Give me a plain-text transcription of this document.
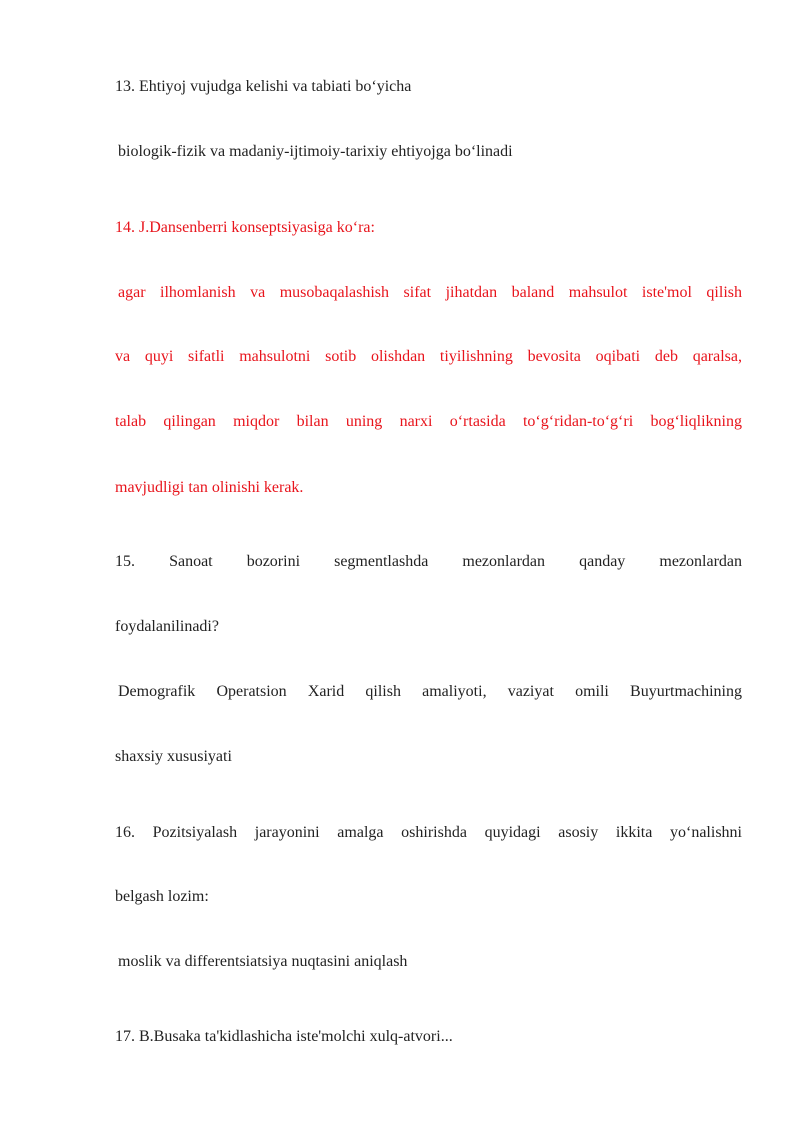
13. Ehtiyoj vujudga kelishi va tabiati bo‘yicha
biologik-fizik va madaniy-ijtimoiy-tarixiy ehtiyojga bo‘linadi
14. J.Dansenberri konseptsiyasiga ko‘ra:
agar ilhomlanish va musobaqalashish sifat jihatdan baland mahsulot iste'mol qilish
va quyi sifatli mahsulotni sotib olishdan tiyilishning bevosita oqibati deb qaralsa,
talab qilingan miqdor bilan uning narxi o‘rtasida to‘g‘ridan-to‘g‘ri bog‘liqlikning
mavjudligi tan olinishi kerak.
15. Sanoat bozorini segmentlashda mezonlardan qanday mezonlardan
foydalanilinadi?
Demografik Operatsion Xarid qilish amaliyoti, vaziyat omili Buyurtmachining
shaxsiy xususiyati
16. Pozitsiyalash jarayonini amalga oshirishda quyidagi asosiy ikkita yo‘nalishni
belgash lozim:
moslik va differentsiatsiya nuqtasini aniqlash
17. B.Busaka ta'kidlashicha iste'molchi xulq-atvori...
